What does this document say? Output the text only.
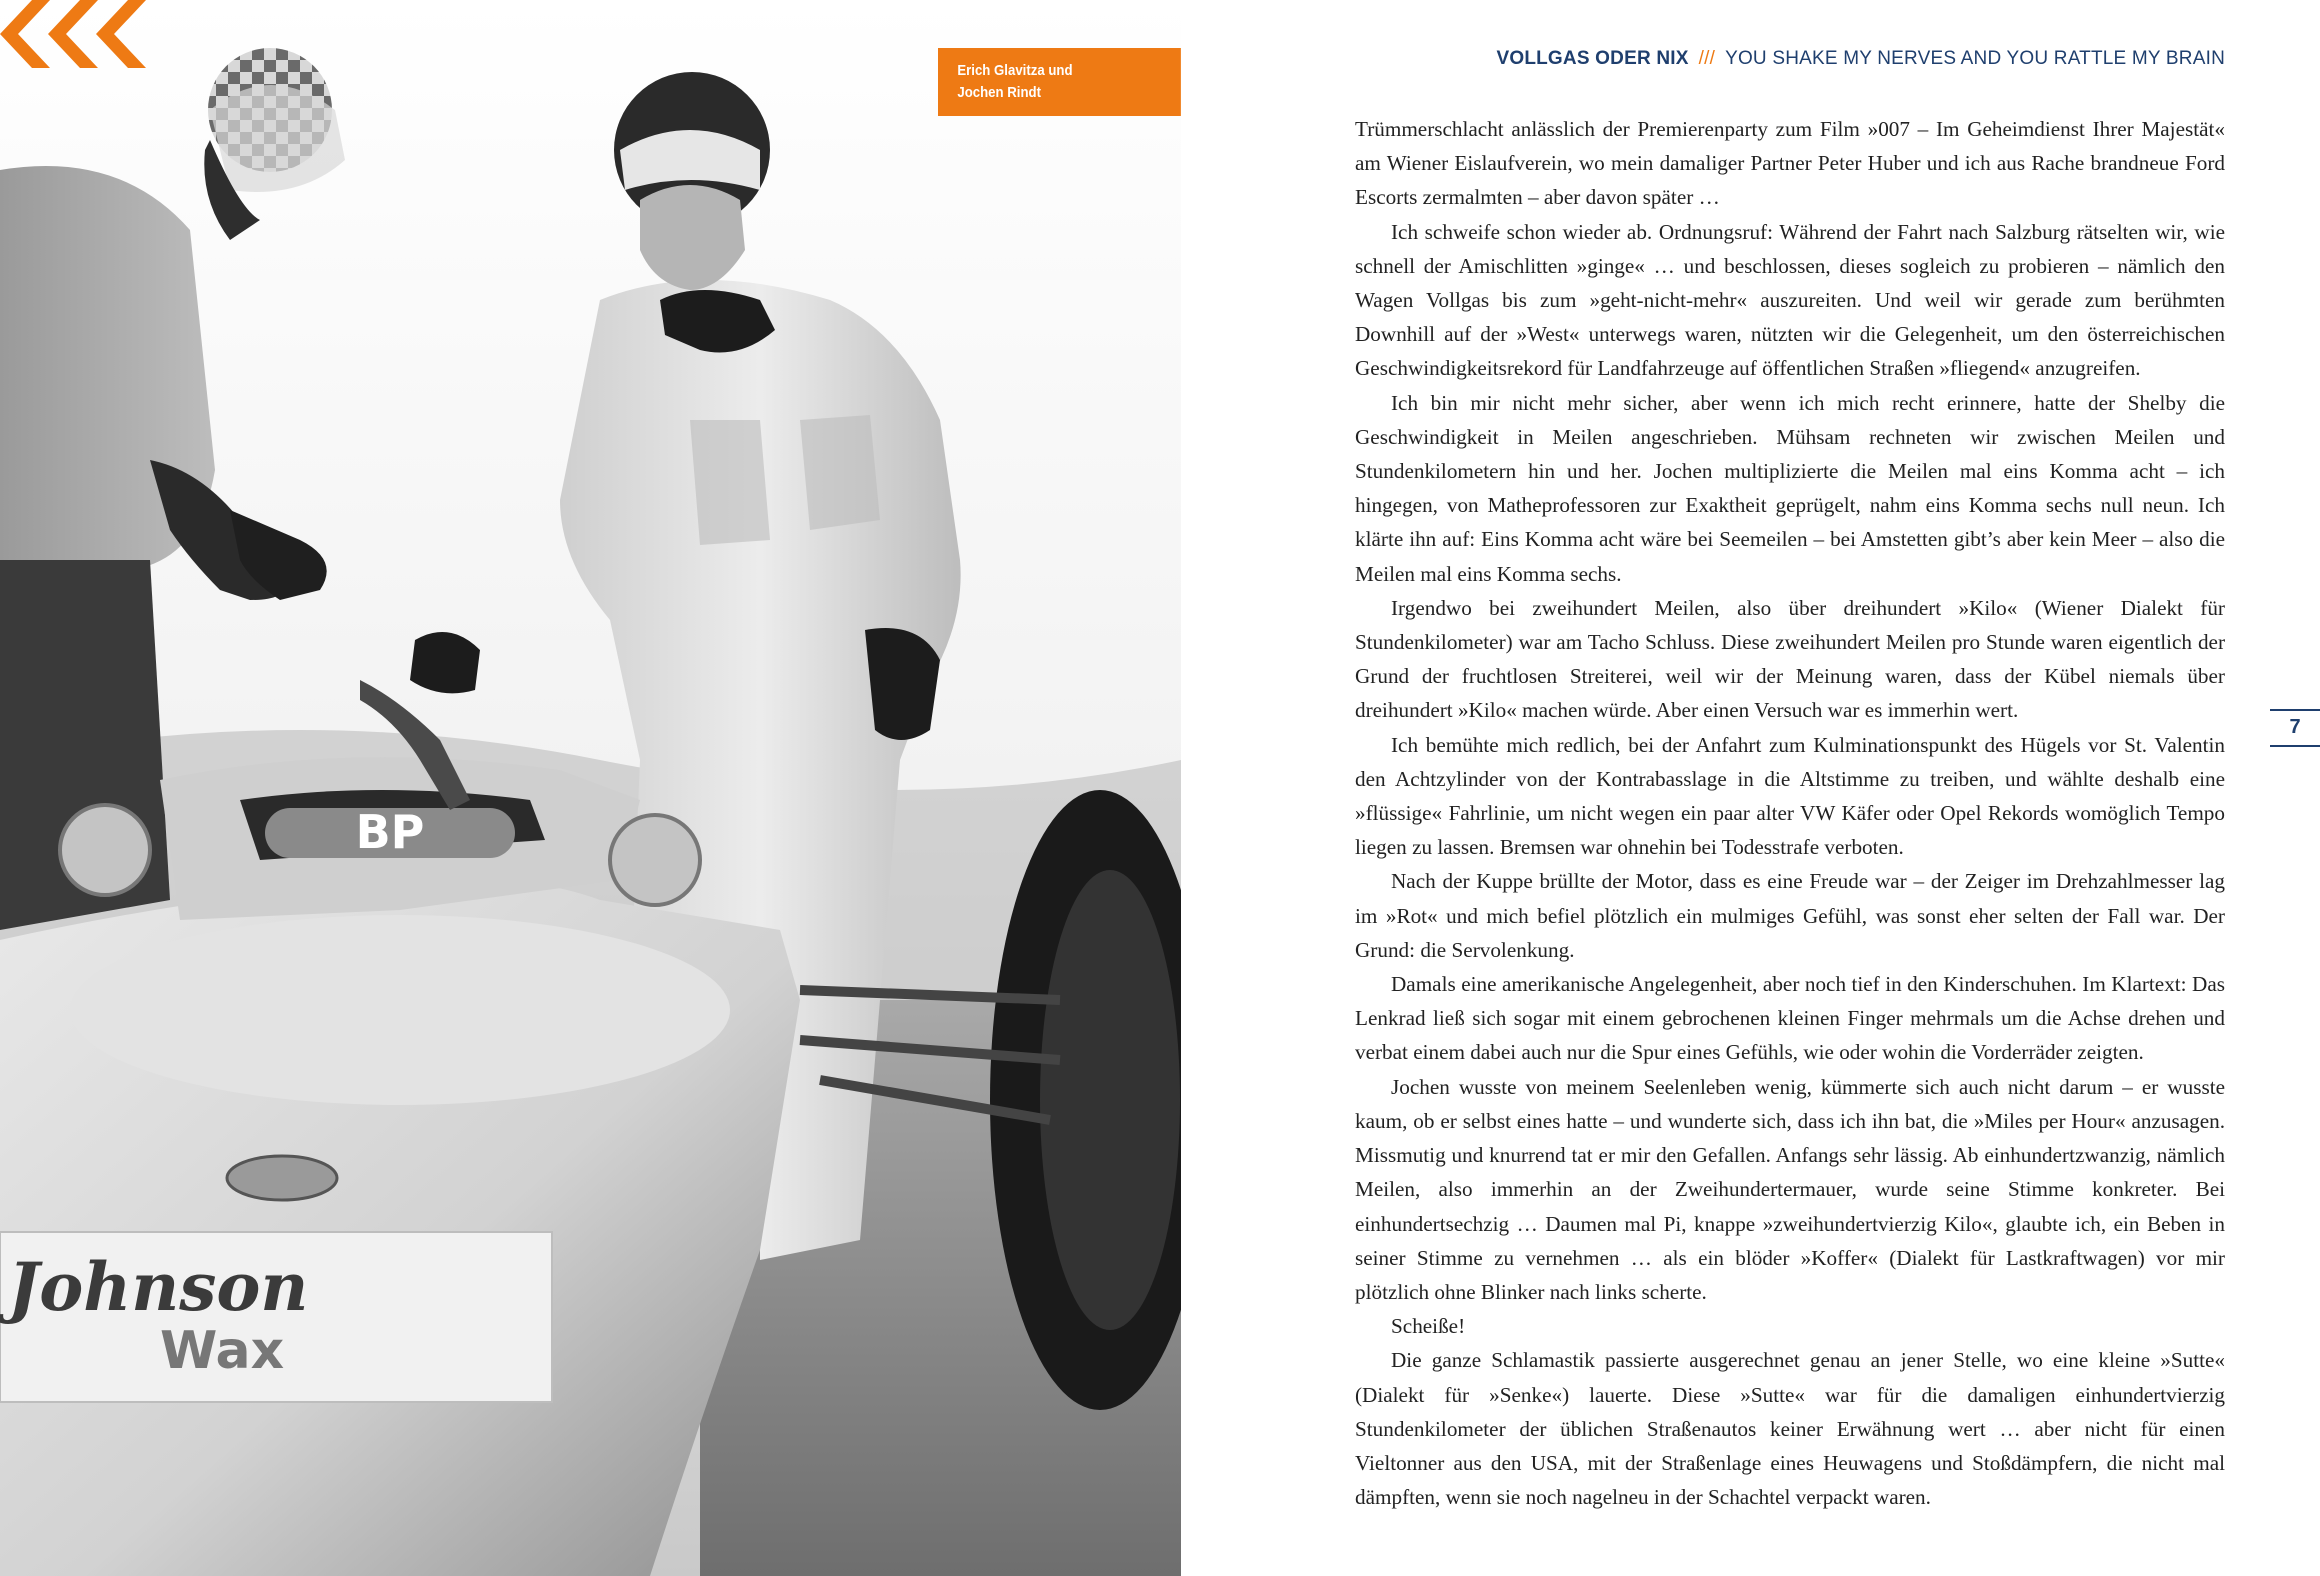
BP
Johnson
Wax
Erich Glavitza und
Jochen Rindt
VOLLGAS ODER NIX /// YOU SHAKE MY NERVES AND YOU RATTLE MY BRAIN

Trümmerschlacht anlässlich der Premierenparty zum Film »007 – Im Geheimdienst Ihrer Majestät« am Wiener Eislaufverein, wo mein damaliger Partner Peter Huber und ich aus Rache brandneue Ford Escorts zermalmten – aber davon später …

Ich schweife schon wieder ab. Ordnungsruf: Während der Fahrt nach Salzburg rätselten wir, wie schnell der Amischlitten »ginge« … und beschlossen, dieses sogleich zu probieren – nämlich den Wagen Vollgas bis zum »geht-nicht-mehr« auszureiten. Und weil wir gerade zum berühmten Downhill auf der »West« unterwegs waren, nützten wir die Gelegenheit, um den österreichischen Geschwindigkeitsrekord für Landfahrzeuge auf öffentlichen Straßen »fliegend« anzugreifen.

Ich bin mir nicht mehr sicher, aber wenn ich mich recht erinnere, hatte der Shelby die Geschwindigkeit in Meilen angeschrieben. Mühsam rechneten wir zwischen Meilen und Stundenkilometern hin und her. Jochen multiplizierte die Meilen mal eins Komma acht – ich hingegen, von Matheprofessoren zur Exaktheit geprügelt, nahm eins Komma sechs null neun. Ich klärte ihn auf: Eins Komma acht wäre bei Seemeilen – bei Amstetten gibt’s aber kein Meer – also die Meilen mal eins Komma sechs.

Irgendwo bei zweihundert Meilen, also über dreihundert »Kilo« (Wiener Dialekt für Stundenkilometer) war am Tacho Schluss. Diese zweihundert Meilen pro Stunde waren eigentlich der Grund der fruchtlosen Streiterei, weil wir der Meinung waren, dass der Kübel niemals über dreihundert »Kilo« machen würde. Aber einen Versuch war es immerhin wert.

Ich bemühte mich redlich, bei der Anfahrt zum Kulminationspunkt des Hügels vor St. Valentin den Achtzylinder von der Kontrabasslage in die Altstimme zu treiben, und wählte deshalb eine »flüssige« Fahrlinie, um nicht wegen ein paar alter VW Käfer oder Opel Rekords womöglich Tempo liegen zu lassen. Bremsen war ohnehin bei Todesstrafe verboten.

Nach der Kuppe brüllte der Motor, dass es eine Freude war – der Zeiger im Drehzahlmesser lag im »Rot« und mich befiel plötzlich ein mulmiges Gefühl, was sonst eher selten der Fall war. Der Grund: die Servolenkung.

Damals eine amerikanische Angelegenheit, aber noch tief in den Kinderschuhen. Im Klartext: Das Lenkrad ließ sich sogar mit einem gebrochenen kleinen Finger mehrmals um die Achse drehen und verbat einem dabei auch nur die Spur eines Gefühls, wie oder wohin die Vorderräder zeigten.

Jochen wusste von meinem Seelenleben wenig, kümmerte sich auch nicht darum – er wusste kaum, ob er selbst eines hatte – und wunderte sich, dass ich ihn bat, die »Miles per Hour« anzusagen. Missmutig und knurrend tat er mir den Gefallen. Anfangs sehr lässig. Ab einhundertzwanzig, nämlich Meilen, also immerhin an der Zweihundertermauer, wurde seine Stimme konkreter. Bei einhundertsechzig … Daumen mal Pi, knappe »zweihundertvierzig Kilo«, glaubte ich, ein Beben in seiner Stimme zu vernehmen … als ein blöder »Koffer« (Dialekt für Lastkraftwagen) vor mir plötzlich ohne Blinker nach links scherte.

Scheiße!

Die ganze Schlamastik passierte ausgerechnet genau an jener Stelle, wo eine kleine »Sutte« (Dialekt für »Senke«) lauerte. Diese »Sutte« war für die damaligen einhundertvierzig Stundenkilometer der üblichen Straßenautos keiner Erwähnung wert … aber nicht für einen Vieltonner aus den USA, mit der Straßenlage eines Heuwagens und Stoßdämpfern, die nicht mal dämpften, wenn sie noch nagelneu in der Schachtel verpackt waren.

7
